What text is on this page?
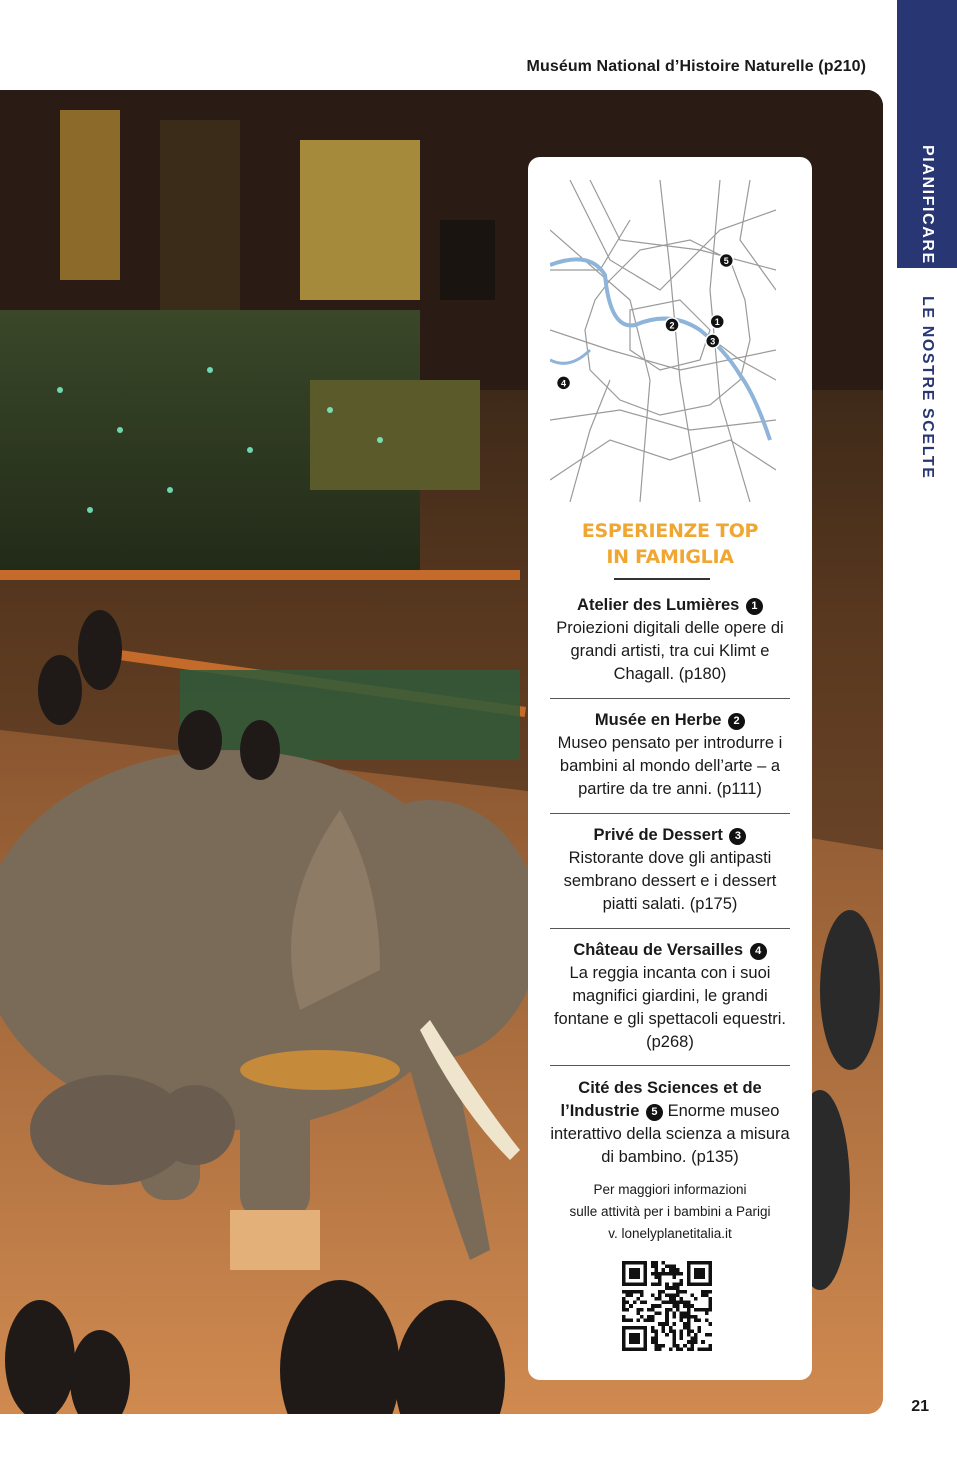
Muséum National d’Histoire Naturelle (p210)
PIANIFICARE
LE NOSTRE SCELTE
5
2	1
3
4
ESPERIENZE TOP
IN FAMIGLIA
Atelier des Lumières 1
Proiezioni digitali delle opere di grandi artisti, tra cui Klimt e Chagall. (p180)
Musée en Herbe 2
Museo pensato per introdurre i bambini al mondo dell’arte – a partire da tre anni. (p111)
Privé de Dessert 3
Ristorante dove gli antipasti sembrano dessert e i dessert piatti salati. (p175)
Château de Versailles 4
La reggia incanta con i suoi magnifici giardini, le grandi fontane e gli spettacoli equestri. (p268)
Cité des Sciences et de
l’Industrie 5 Enorme museo interattivo della scienza a misura di bambino. (p135)
Per maggiori informazioni
sulle attività per i bambini a Parigi
v. lonelyplanetitalia.it
21
